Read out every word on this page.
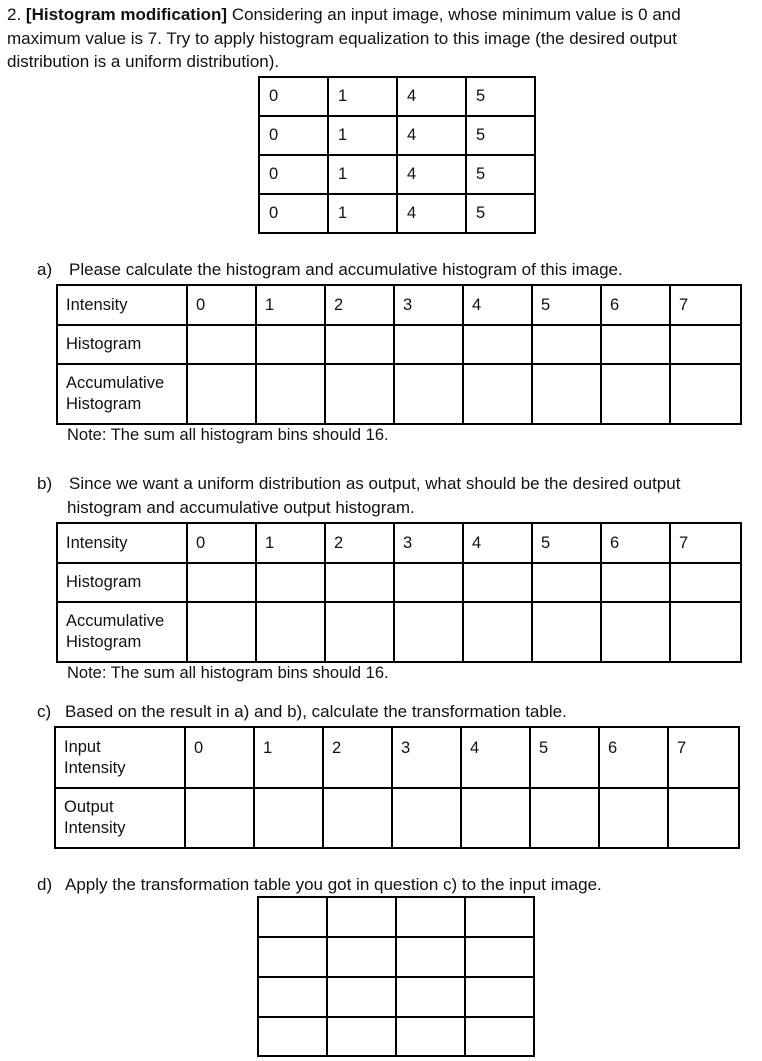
2. [Histogram modification] Considering an input image, whose minimum value is 0 and maximum value is 7. Try to apply histogram equalization to this image (the desired output distribution is a uniform distribution).
0	1	4	5
0	1	4	5
0	1	4	5
0	1	4	5
a) Please calculate the histogram and accumulative histogram of this image.
Intensity	0	1	2	3	4	5	6	7
Histogram								
Accumulative
Histogram								
Note: The sum all histogram bins should 16.
b) Since we want a uniform distribution as output, what should be the desired output
histogram and accumulative output histogram.
Intensity	0	1	2	3	4	5	6	7
Histogram								
Accumulative
Histogram								
Note: The sum all histogram bins should 16.
c) Based on the result in a) and b), calculate the transformation table.
Input
Intensity	0	1	2	3	4	5	6	7
Output
Intensity								
d) Apply the transformation table you got in question c) to the input image.
